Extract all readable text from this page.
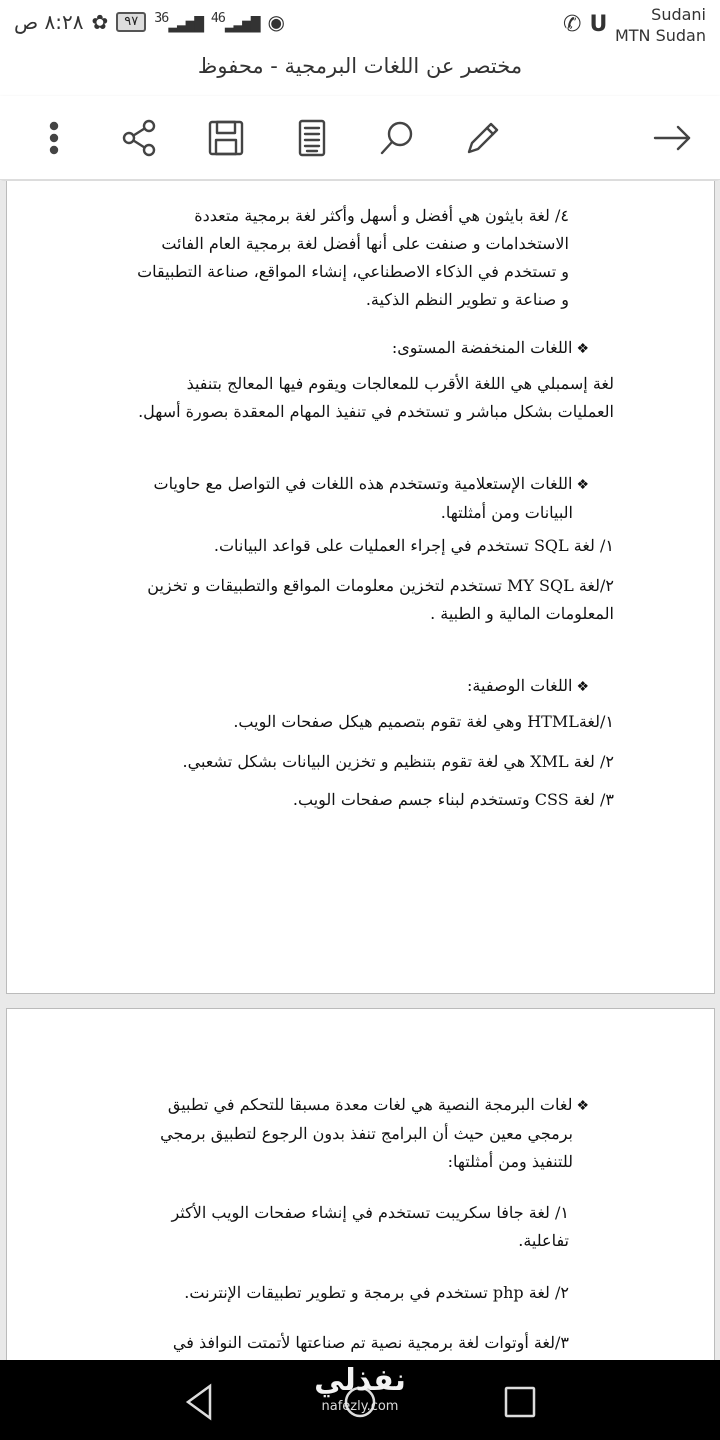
٨:٢٨ ص ✿	٩٧	$^{36}$▂▃▅▇ $^{46}$▂▃▅▇ ◉	✆ U	Sudani
MTN Sudan
مختصر عن اللغات البرمجية - محفوظ
٤/ لغة بايثون هي أفضل و أسهل وأكثر لغة برمجية متعددة
الاستخدامات و صنفت على أنها أفضل لغة برمجية العام الفائت
و تستخدم في الذكاء الاصطناعي، إنشاء المواقع، صناعة التطبيقات
و صناعة و تطوير النظم الذكية.
❖اللغات المنخفضة المستوى:
لغة إسمبلي هي اللغة الأقرب للمعالجات ويقوم فيها المعالج بتنفيذ
العمليات بشكل مباشر و تستخدم في تنفيذ المهام المعقدة بصورة أسهل.
❖اللغات الإستعلامية وتستخدم هذه اللغات في التواصل مع حاويات
البيانات ومن أمثلتها.
١/ لغة SQL تستخدم في إجراء العمليات على قواعد البيانات.
٢/لغة MY SQL تستخدم لتخزين معلومات المواقع والتطبيقات و تخزين
المعلومات المالية و الطبية .
❖اللغات الوصفية:
١/لغةHTML وهي لغة تقوم بتصميم هيكل صفحات الويب.
٢/ لغة XML هي لغة تقوم بتنظيم و تخزين البيانات بشكل تشعبي.
٣/ لغة CSS وتستخدم لبناء جسم صفحات الويب.
❖لغات البرمجة النصية هي لغات معدة مسبقا للتحكم في تطبيق
برمجي معين حيث أن البرامج تنفذ بدون الرجوع لتطبيق برمجي
للتنفيذ ومن أمثلتها:
١/ لغة جافا سكريبت تستخدم في إنشاء صفحات الويب الأكثر
تفاعلية.
٢/ لغة php تستخدم في برمجة و تطوير تطبيقات الإنترنت.
٣/لغة أوتوات لغة برمجية نصية تم صناعتها لأتمتت النوافذ في
نفذلي
nafezly.com
